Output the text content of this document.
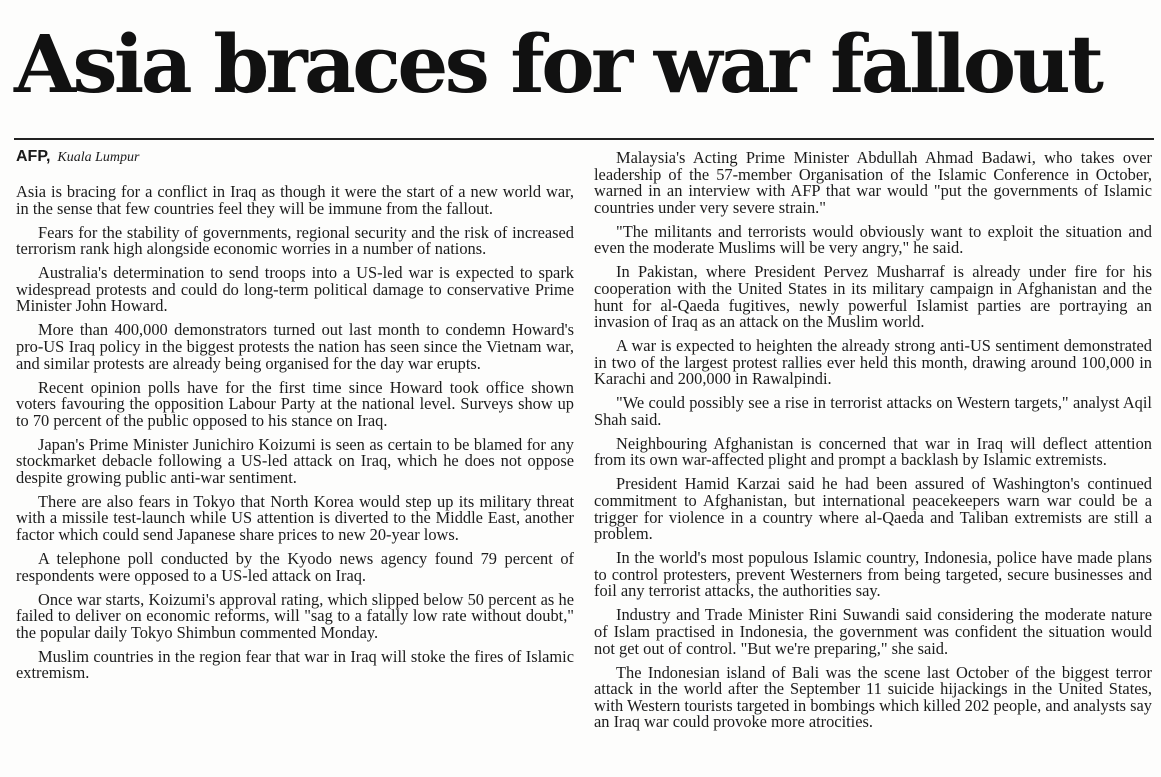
Asia braces for war fallout
AFP, Kuala Lumpur

Asia is bracing for a conflict in Iraq as though it were the start of a new world war, in the sense that few countries feel they will be immune from the fallout.

Fears for the stability of governments, regional security and the risk of increased terrorism rank high alongside economic worries in a number of nations.

Australia's determination to send troops into a US-led war is expected to spark widespread protests and could do long-term political damage to conservative Prime Minister John Howard.

More than 400,000 demonstrators turned out last month to condemn Howard's pro-US Iraq policy in the biggest protests the nation has seen since the Vietnam war, and similar protests are already being organised for the day war erupts.

Recent opinion polls have for the first time since Howard took office shown voters favouring the opposition Labour Party at the national level. Surveys show up to 70 percent of the public opposed to his stance on Iraq.

Japan's Prime Minister Junichiro Koizumi is seen as certain to be blamed for any stockmarket debacle following a US-led attack on Iraq, which he does not oppose despite growing public anti-war sentiment.

There are also fears in Tokyo that North Korea would step up its military threat with a missile test-launch while US attention is diverted to the Middle East, another factor which could send Japanese share prices to new 20-year lows.

A telephone poll conducted by the Kyodo news agency found 79 percent of respondents were opposed to a US-led attack on Iraq.

Once war starts, Koizumi's approval rating, which slipped below 50 percent as he failed to deliver on economic reforms, will "sag to a fatally low rate without doubt," the popular daily Tokyo Shimbun commented Monday.

Muslim countries in the region fear that war in Iraq will stoke the fires of Islamic extremism.

Malaysia's Acting Prime Minister Abdullah Ahmad Badawi, who takes over leadership of the 57-member Organisation of the Islamic Conference in October, warned in an interview with AFP that war would "put the governments of Islamic countries under very severe strain."

"The militants and terrorists would obviously want to exploit the situation and even the moderate Muslims will be very angry," he said.

In Pakistan, where President Pervez Musharraf is already under fire for his cooperation with the United States in its military campaign in Afghanistan and the hunt for al-Qaeda fugitives, newly powerful Islamist parties are portraying an invasion of Iraq as an attack on the Muslim world.

A war is expected to heighten the already strong anti-US sentiment demonstrated in two of the largest protest rallies ever held this month, drawing around 100,000 in Karachi and 200,000 in Rawalpindi.

"We could possibly see a rise in terrorist attacks on Western targets," analyst Aqil Shah said.

Neighbouring Afghanistan is concerned that war in Iraq will deflect attention from its own war-affected plight and prompt a backlash by Islamic extremists.

President Hamid Karzai said he had been assured of Washington's continued commitment to Afghanistan, but international peacekeepers warn war could be a trigger for violence in a country where al-Qaeda and Taliban extremists are still a problem.

In the world's most populous Islamic country, Indonesia, police have made plans to control protesters, prevent Westerners from being targeted, secure businesses and foil any terrorist attacks, the authorities say.

Industry and Trade Minister Rini Suwandi said considering the moderate nature of Islam practised in Indonesia, the government was confident the situation would not get out of control. "But we're preparing," she said.

The Indonesian island of Bali was the scene last October of the biggest terror attack in the world after the September 11 suicide hijackings in the United States, with Western tourists targeted in bombings which killed 202 people, and analysts say an Iraq war could provoke more atrocities.
